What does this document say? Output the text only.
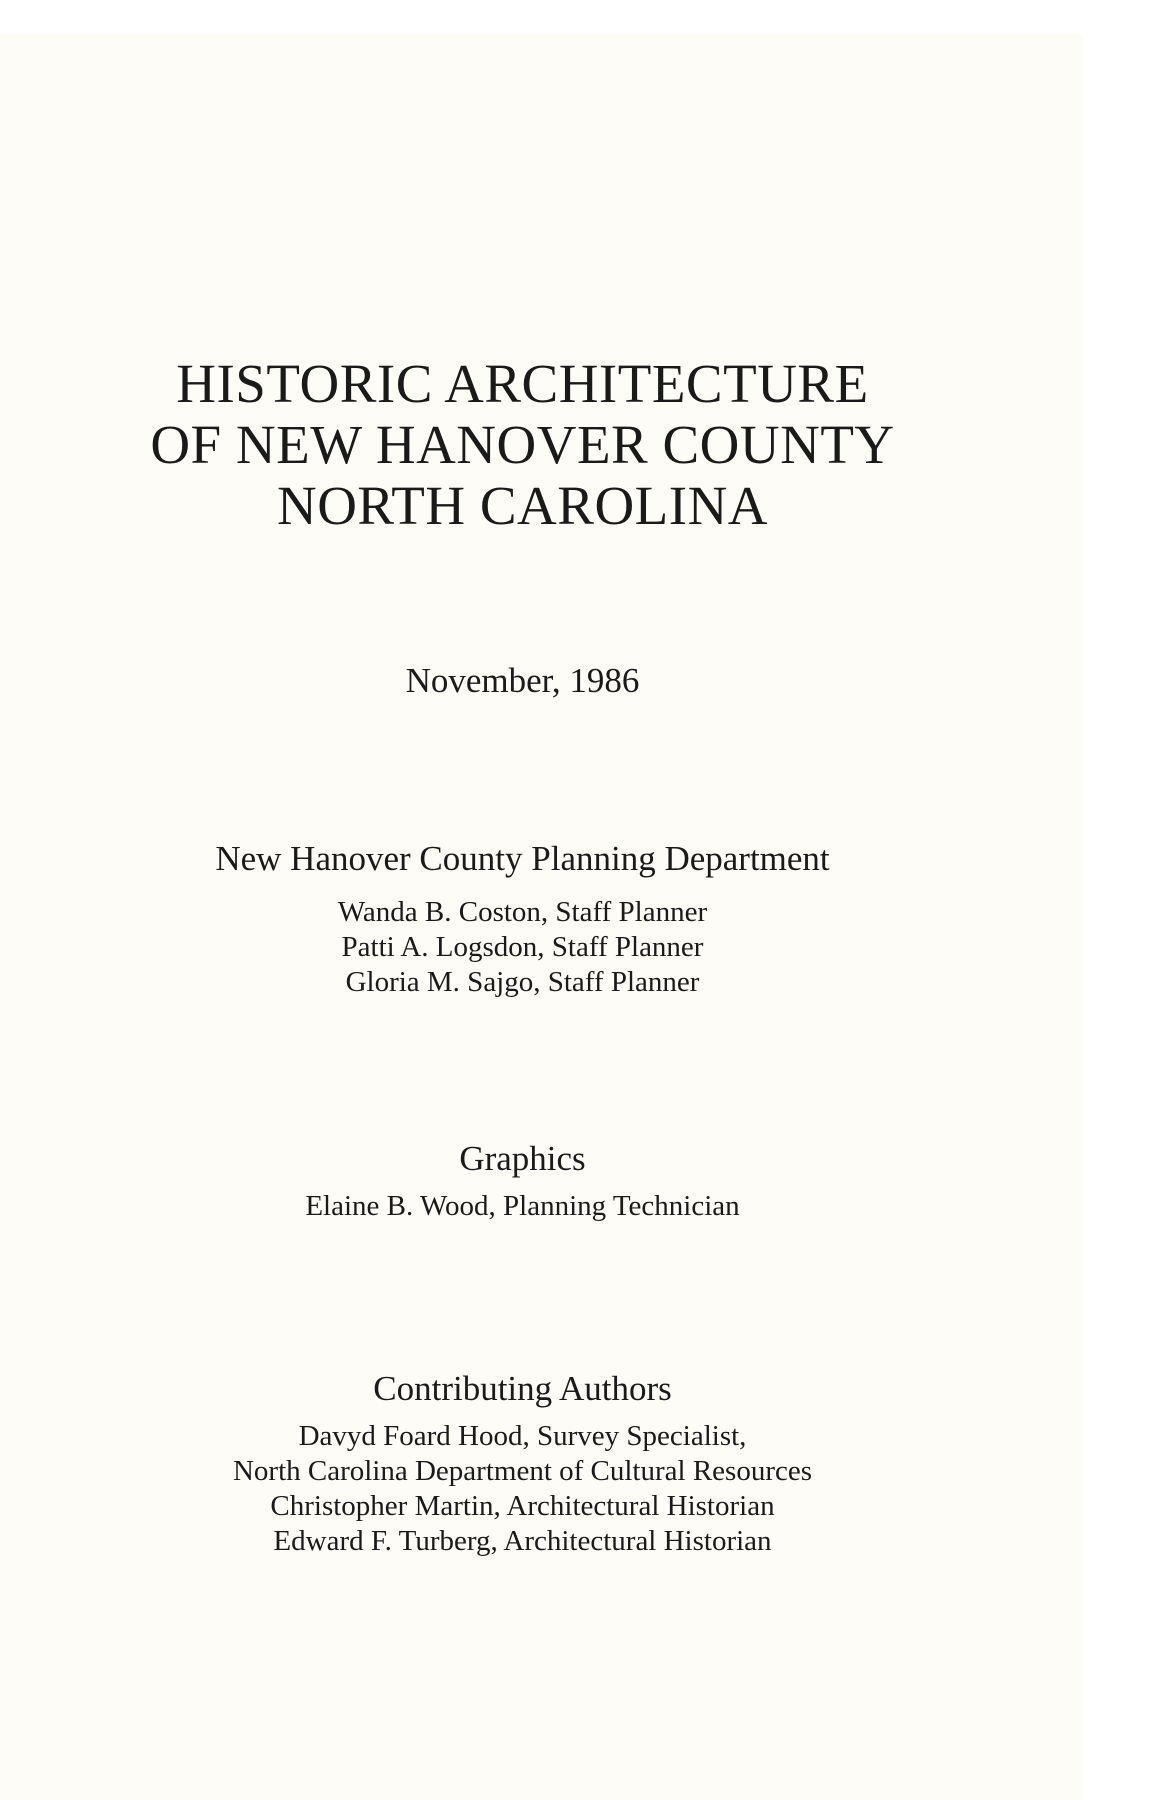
HISTORIC ARCHITECTURE
OF NEW HANOVER COUNTY
NORTH CAROLINA
November, 1986
New Hanover County Planning Department
Wanda B. Coston, Staff Planner
Patti A. Logsdon, Staff Planner
Gloria M. Sajgo, Staff Planner
Graphics
Elaine B. Wood, Planning Technician
Contributing Authors
Davyd Foard Hood, Survey Specialist,
North Carolina Department of Cultural Resources
Christopher Martin, Architectural Historian
Edward F. Turberg, Architectural Historian
